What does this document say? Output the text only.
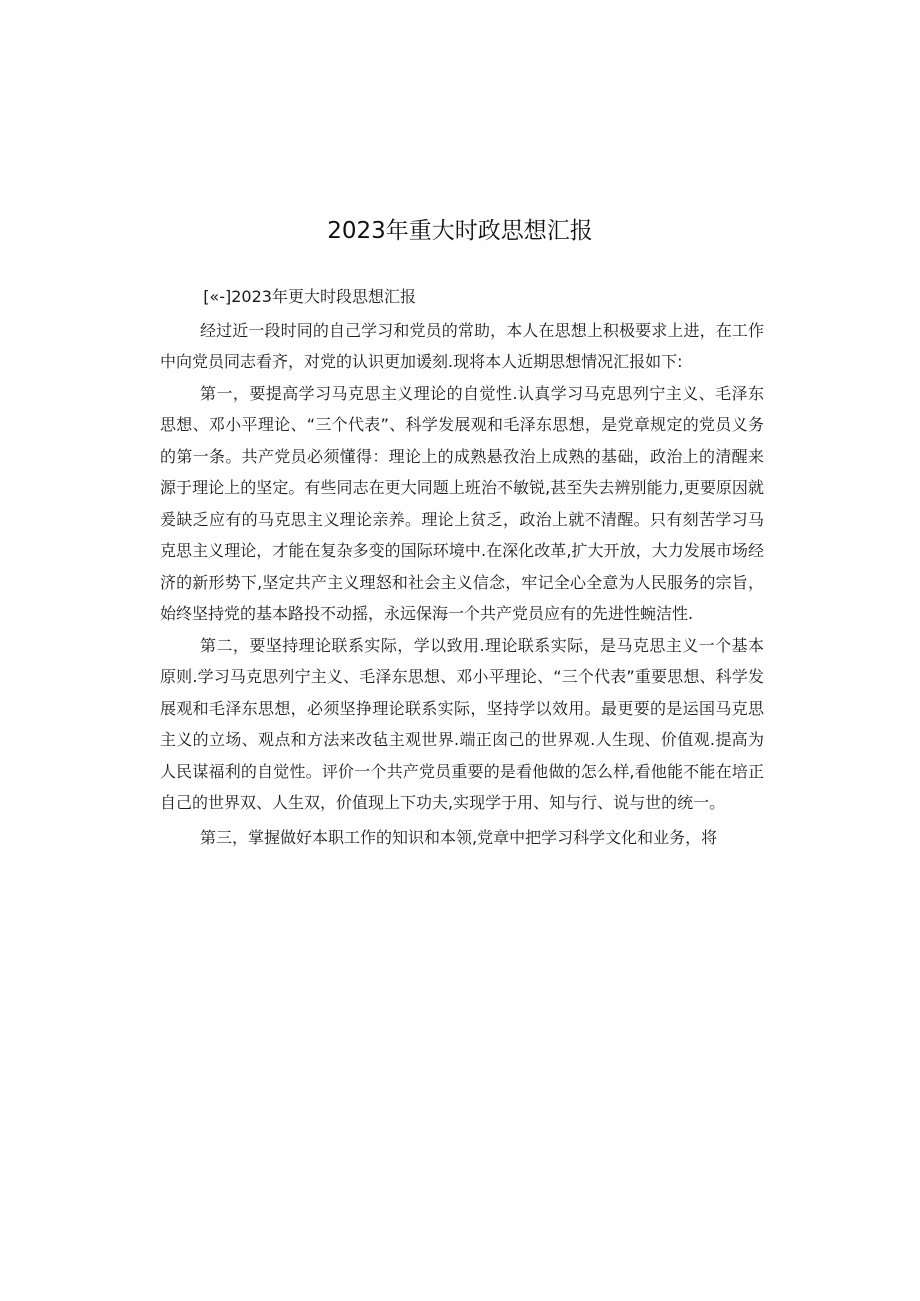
2023年重大时政思想汇报

[«-]2023年更大时段思想汇报

经过近一段时同的自己学习和党员的常助，本人在思想上积极要求上进，在工作中向党员同志看齐，对党的认识更加谖刻.现将本人近期思想情况汇报如下:

第一，要提高学习马克思主义理论的自觉性.认真学习马克思列宁主义、毛泽东思想、邓小平理论、“三个代表”、科学发展观和毛泽东思想，是党章规定的党员义务的第一条。共产党员必须懂得：理论上的成熟悬孜治上成熟的基础，政治上的清醒来源于理论上的坚定。有些同志在更大同题上班治不敏锐,甚至失去辨别能力,更要原因就爰缺乏应有的马克思主义理论亲养。理论上贫乏，政治上就不清醒。只有刻苦学习马克思主义理论，才能在复杂多变的国际环境中.在深化改革,扩大开放，大力发展市场经济的新形势下,坚定共产主义理怒和社会主义信念，牢记全心全意为人民服务的宗旨，始终坚持党的基本路投不动摇，永远保海一个共产党员应有的先进性蜿洁性.

第二，要坚持理论联系实际，学以致用.理论联系实际，是马克思主义一个基本原则.学习马克思列宁主义、毛泽东思想、邓小平理论、“三个代表”重要思想、科学发展观和毛泽东思想，必须坚挣理论联系实际，坚持学以效用。最更要的是运国马克思主义的立场、观点和方法来改毡主观世界.端正囱己的世界观.人生现、价值观.提高为人民谋福利的自觉性。评价一个共产党员重要的是看他做的怎么样,看他能不能在培正自己的世界双、人生双，价值现上下功夫,实现学于用、知与行、说与世的统一。

第三，掌握做好本职工作的知识和本领,党章中把学习科学文化和业务，将
